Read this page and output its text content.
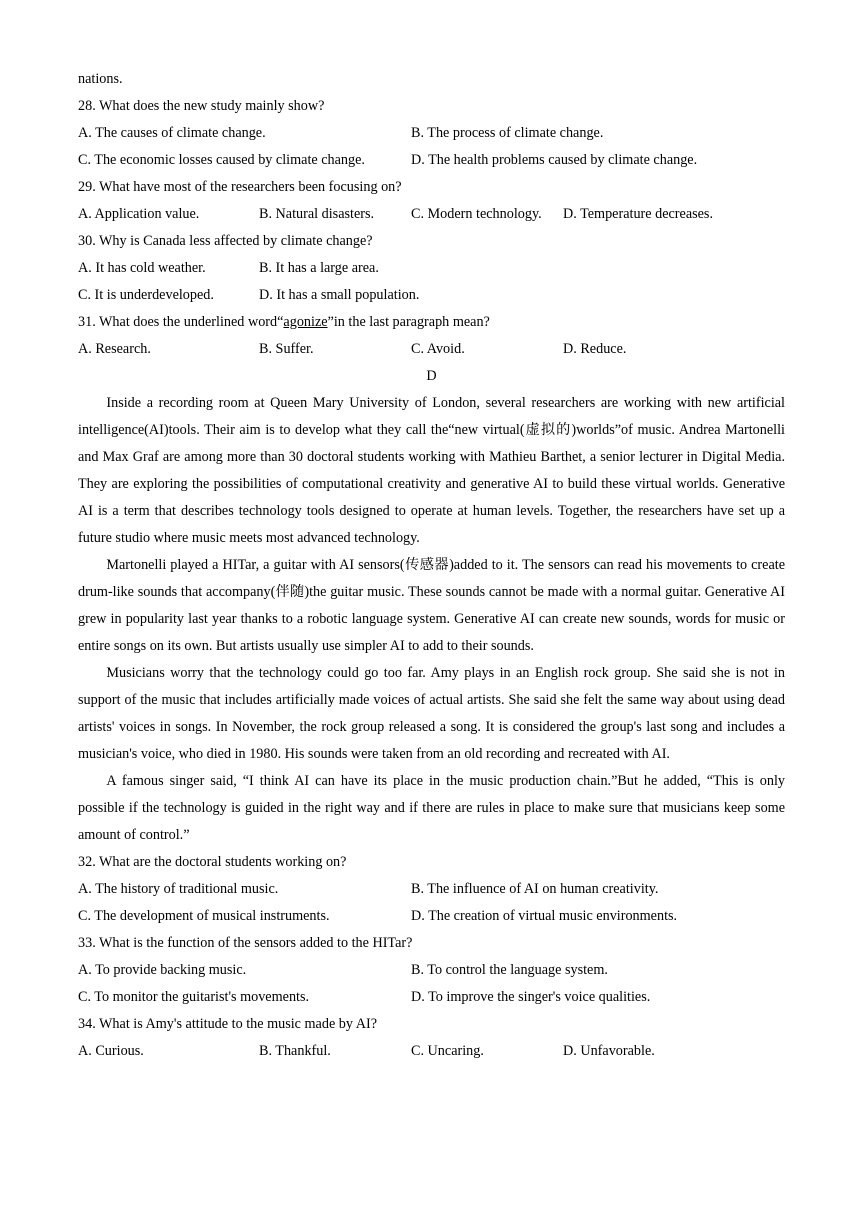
nations.
28. What does the new study mainly show?
A. The causes of climate change.	B. The process of climate change.
C. The economic losses caused by climate change.	D. The health problems caused by climate change.
29. What have most of the researchers been focusing on?
A. Application value.	B. Natural disasters.	C. Modern technology. D. Temperature decreases.
30. Why is Canada less affected by climate change?
A. It has cold weather.	B. It has a large area.
C. It is underdeveloped.	D. It has a small population.
31. What does the underlined word“agonize”in the last paragraph mean?
A. Research.	B. Suffer.	C. Avoid.	D. Reduce.
D

Inside a recording room at Queen Mary University of London, several researchers are working with new artificial intelligence(AI)tools. Their aim is to develop what they call the“new virtual(虚拟的)worlds”of music. Andrea Martonelli and Max Graf are among more than 30 doctoral students working with Mathieu Barthet, a senior lecturer in Digital Media. They are exploring the possibilities of computational creativity and generative AI to build these virtual worlds. Generative AI is a term that describes technology tools designed to operate at human levels. Together, the researchers have set up a future studio where music meets most advanced technology.

Martonelli played a HITar, a guitar with AI sensors(传感器)added to it. The sensors can read his movements to create drum-like sounds that accompany(伴随)the guitar music. These sounds cannot be made with a normal guitar. Generative AI grew in popularity last year thanks to a robotic language system. Generative AI can create new sounds, words for music or entire songs on its own. But artists usually use simpler AI to add to their sounds.

Musicians worry that the technology could go too far. Amy plays in an English rock group. She said she is not in support of the music that includes artificially made voices of actual artists. She said she felt the same way about using dead artists' voices in songs. In November, the rock group released a song. It is considered the group's last song and includes a musician's voice, who died in 1980. His sounds were taken from an old recording and recreated with AI.

A famous singer said, “I think AI can have its place in the music production chain.”But he added, “This is only possible if the technology is guided in the right way and if there are rules in place to make sure that musicians keep some amount of control.”

32. What are the doctoral students working on?
A. The history of traditional music.	B. The influence of AI on human creativity.
C. The development of musical instruments.	D. The creation of virtual music environments.
33. What is the function of the sensors added to the HITar?
A. To provide backing music.	B. To control the language system.
C. To monitor the guitarist's movements.	D. To improve the singer's voice qualities.
34. What is Amy's attitude to the music made by AI?
A. Curious.	B. Thankful.	C. Uncaring.	D. Unfavorable.
